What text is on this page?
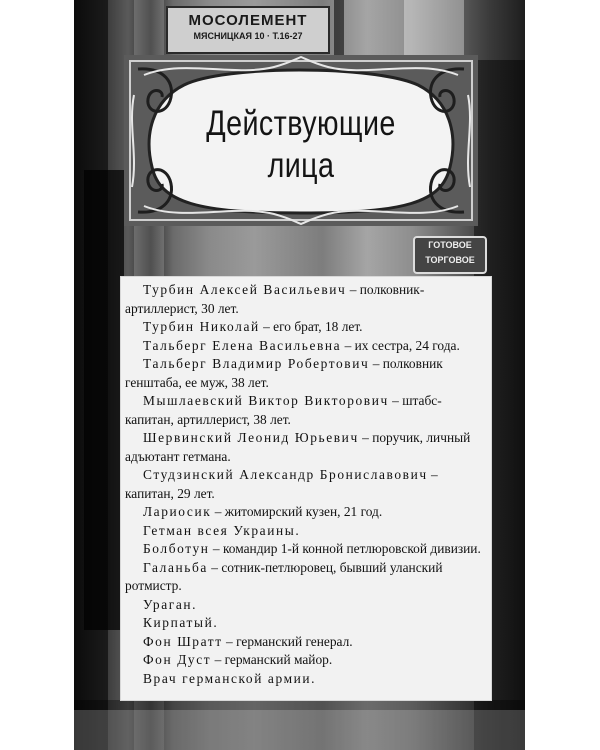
МОСОЛЕМЕНТ
МЯСНИЦКАЯ 10 · Т.16-27
ГОТОВОЕ
ТОРГОВОЕ
Действующие
лица
Турбин Алексей Васильевич – полковник-артиллерист, 30 лет.
Турбин Николай – его брат, 18 лет.
Тальберг Елена Васильевна – их сестра, 24 года.
Тальберг Владимир Робертович – полковник генштаба, ее муж, 38 лет.
Мышлаевский Виктор Викторович – штабс-капитан, артиллерист, 38 лет.
Шервинский Леонид Юрьевич – поручик, личный адъютант гетмана.
Студзинский Александр Брониславович – капитан, 29 лет.
Лариосик – житомирский кузен, 21 год.
Гетман всея Украины.
Болботун – командир 1-й конной петлюровской дивизии.
Галаньба – сотник-петлюровец, бывший уланский ротмистр.
Ураган.
Кирпатый.
Фон Шратт – германский генерал.
Фон Дуст – германский майор.
Врач германской армии.
